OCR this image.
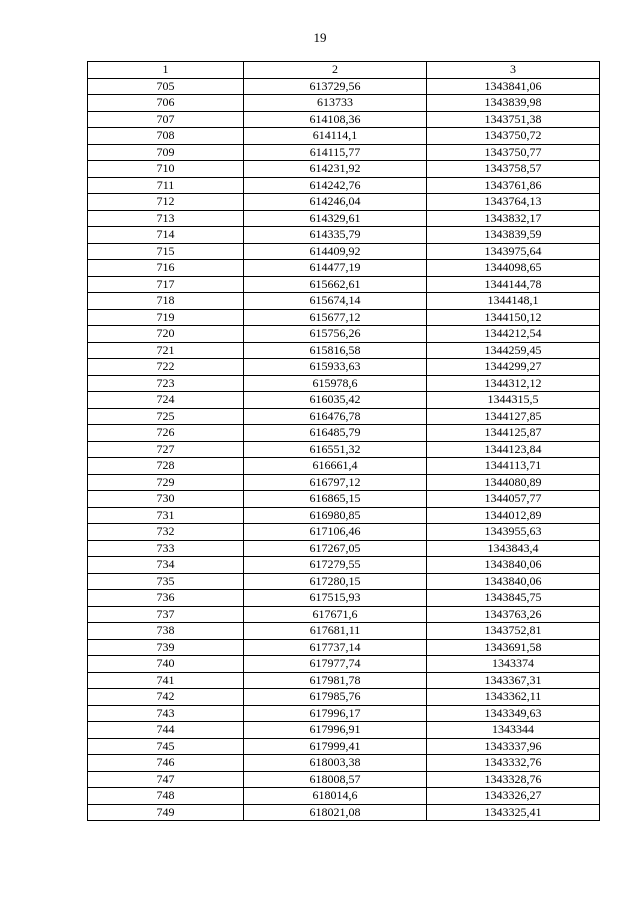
19
1	2	3
705	613729,56	1343841,06
706	613733	1343839,98
707	614108,36	1343751,38
708	614114,1	1343750,72
709	614115,77	1343750,77
710	614231,92	1343758,57
711	614242,76	1343761,86
712	614246,04	1343764,13
713	614329,61	1343832,17
714	614335,79	1343839,59
715	614409,92	1343975,64
716	614477,19	1344098,65
717	615662,61	1344144,78
718	615674,14	1344148,1
719	615677,12	1344150,12
720	615756,26	1344212,54
721	615816,58	1344259,45
722	615933,63	1344299,27
723	615978,6	1344312,12
724	616035,42	1344315,5
725	616476,78	1344127,85
726	616485,79	1344125,87
727	616551,32	1344123,84
728	616661,4	1344113,71
729	616797,12	1344080,89
730	616865,15	1344057,77
731	616980,85	1344012,89
732	617106,46	1343955,63
733	617267,05	1343843,4
734	617279,55	1343840,06
735	617280,15	1343840,06
736	617515,93	1343845,75
737	617671,6	1343763,26
738	617681,11	1343752,81
739	617737,14	1343691,58
740	617977,74	1343374
741	617981,78	1343367,31
742	617985,76	1343362,11
743	617996,17	1343349,63
744	617996,91	1343344
745	617999,41	1343337,96
746	618003,38	1343332,76
747	618008,57	1343328,76
748	618014,6	1343326,27
749	618021,08	1343325,41
